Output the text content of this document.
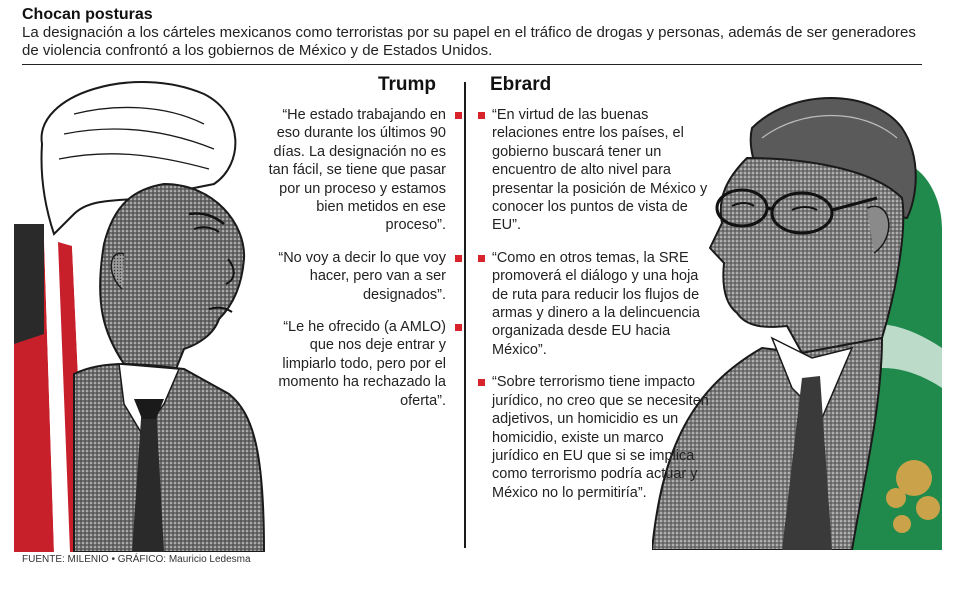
Chocan posturas
La designación a los cárteles mexicanos como terroristas por su papel en el tráfico de drogas y personas, además de ser generadores de violencia confrontó a los gobiernos de México y de Estados Unidos.
Trump	Ebrard
“He estado trabajando en eso durante los últimos 90 días. La designación no es tan fácil, se tiene que pasar por un proceso y estamos bien metidos en ese proceso”.
“No voy a decir lo que voy hacer, pero van a ser designados”.
“Le he ofrecido (a AMLO) que nos deje entrar y limpiarlo todo, pero por el momento ha rechazado la oferta”.
“En virtud de las buenas relaciones entre los países, el gobierno buscará tener un encuentro de alto nivel para presentar la posición de México y conocer los puntos de vista de EU”.
“Como en otros temas, la SRE promoverá el diálogo y una hoja de ruta para reducir los flujos de armas y dinero a la delincuencia organizada desde EU hacia México”.
“Sobre terrorismo tiene impacto jurídico, no creo que se necesiten adjetivos, un homicidio es un homicidio, existe un marco jurídico en EU que si se implica como terrorismo podría actuar y México no lo permitiría”.
FUENTE: MILENIO • GRÁFICO: Mauricio Ledesma
